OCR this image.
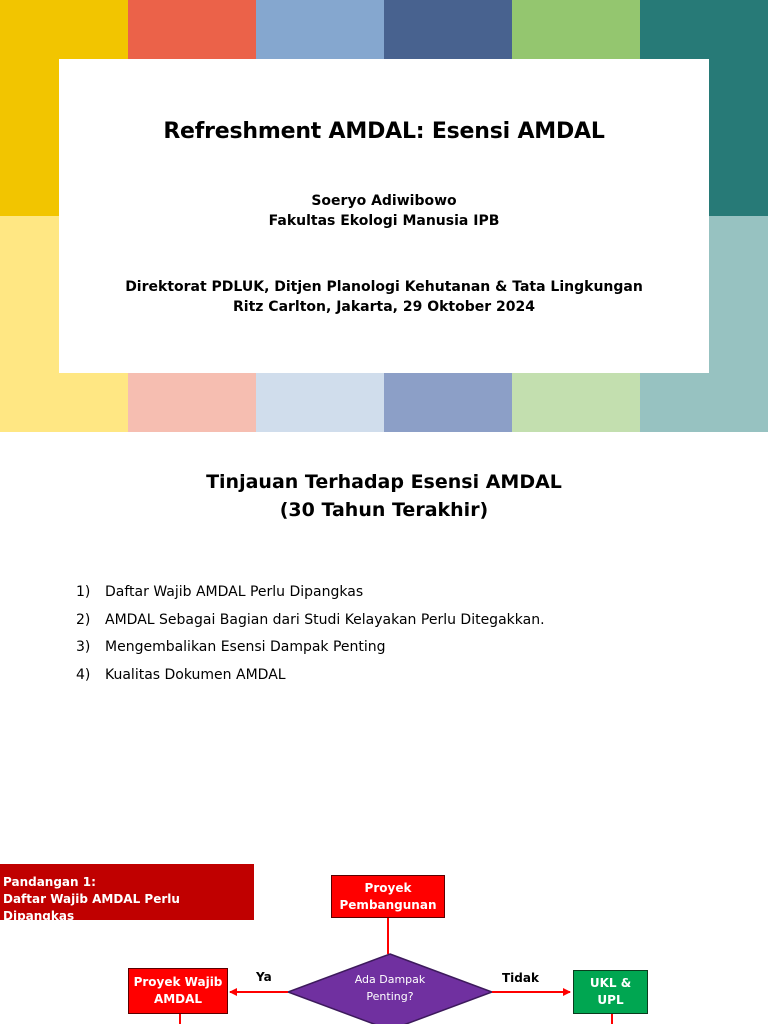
Refreshment AMDAL: Esensi AMDAL
Soeryo Adiwibowo
Fakultas Ekologi Manusia IPB
Direktorat PDLUK, Ditjen Planologi Kehutanan & Tata Lingkungan
Ritz Carlton, Jakarta, 29 Oktober 2024
Tinjauan Terhadap Esensi AMDAL
(30 Tahun Terakhir)
1) Daftar Wajib AMDAL Perlu Dipangkas
2) AMDAL Sebagai Bagian dari Studi Kelayakan Perlu Ditegakkan.
3) Mengembalikan Esensi Dampak Penting
4) Kualitas Dokumen AMDAL
Pandangan 1:
Daftar Wajib AMDAL Perlu Dipangkas
Proyek
Pembangunan
Proyek Wajib
AMDAL
Ada Dampak
Penting?
Ya	Tidak	UKL &
UPL
